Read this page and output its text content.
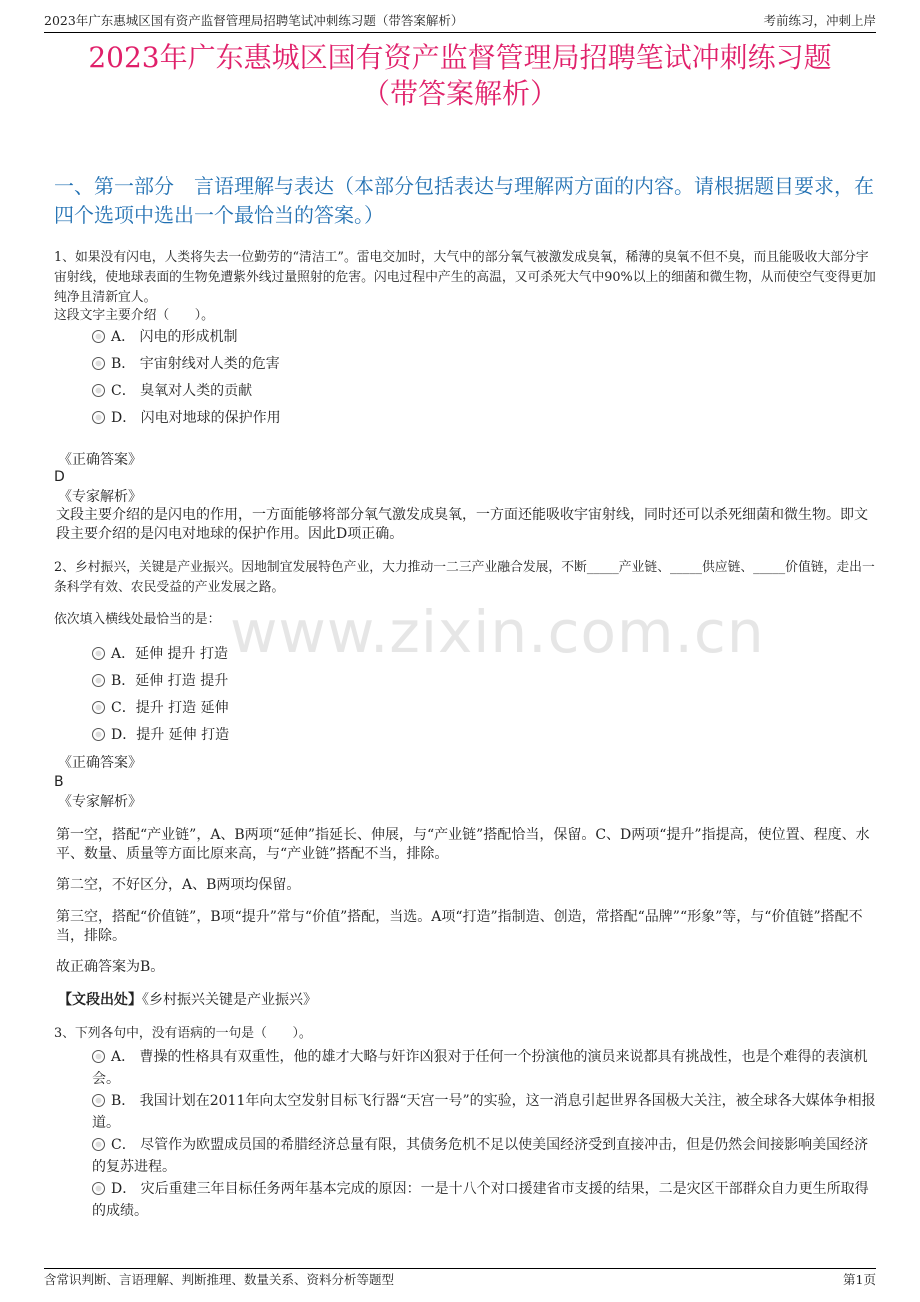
2023年广东惠城区国有资产监督管理局招聘笔试冲刺练习题（带答案解析）	考前练习，冲刺上岸
2023年广东惠城区国有资产监督管理局招聘笔试冲刺练习题
（带答案解析）
一、第一部分　言语理解与表达（本部分包括表达与理解两方面的内容。请根据题目要求，在四个选项中选出一个最恰当的答案。）
1、如果没有闪电，人类将失去一位勤劳的“清洁工”。雷电交加时，大气中的部分氧气被激发成臭氧，稀薄的臭氧不但不臭，而且能吸收大部分宇宙射线，使地球表面的生物免遭紫外线过量照射的危害。闪电过程中产生的高温，又可杀死大气中90%以上的细菌和微生物，从而使空气变得更加纯净且清新宜人。
这段文字主要介绍（　　）。
A． 闪电的形成机制
B． 宇宙射线对人类的危害
C． 臭氧对人类的贡献
D． 闪电对地球的保护作用
《正确答案》
D
《专家解析》
文段主要介绍的是闪电的作用，一方面能够将部分氧气激发成臭氧，一方面还能吸收宇宙射线，同时还可以杀死细菌和微生物。即文段主要介绍的是闪电对地球的保护作用。因此D项正确。
2、乡村振兴，关键是产业振兴。因地制宜发展特色产业，大力推动一二三产业融合发展，不断_____产业链、_____供应链、_____价值链，走出一条科学有效、农民受益的产业发展之路。
依次填入横线处最恰当的是： www.zixin.com.cn
A．延伸 提升 打造
B．延伸 打造 提升
C．提升 打造 延伸
D．提升 延伸 打造
《正确答案》
B
《专家解析》
第一空，搭配“产业链”，A、B两项“延伸”指延长、伸展，与“产业链”搭配恰当，保留。C、D两项“提升”指提高，使位置、程度、水平、数量、质量等方面比原来高，与“产业链”搭配不当，排除。
第二空，不好区分，A、B两项均保留。
第三空，搭配“价值链”，B项“提升”常与“价值”搭配，当选。A项“打造”指制造、创造，常搭配“品牌”“形象”等，与“价值链”搭配不当，排除。
故正确答案为B。
【文段出处】《乡村振兴关键是产业振兴》
3、下列各句中，没有语病的一句是（　　）。
A． 曹操的性格具有双重性，他的雄才大略与奸诈凶狠对于任何一个扮演他的演员来说都具有挑战性，也是个难得的表演机会。
B． 我国计划在2011年向太空发射目标飞行器“天宫一号”的实验，这一消息引起世界各国极大关注，被全球各大媒体争相报道。
C． 尽管作为欧盟成员国的希腊经济总量有限，其债务危机不足以使美国经济受到直接冲击，但是仍然会间接影响美国经济的复苏进程。
D． 灾后重建三年目标任务两年基本完成的原因：一是十八个对口援建省市支援的结果，二是灾区干部群众自力更生所取得的成绩。
含常识判断、言语理解、判断推理、数量关系、资料分析等题型	第1页
